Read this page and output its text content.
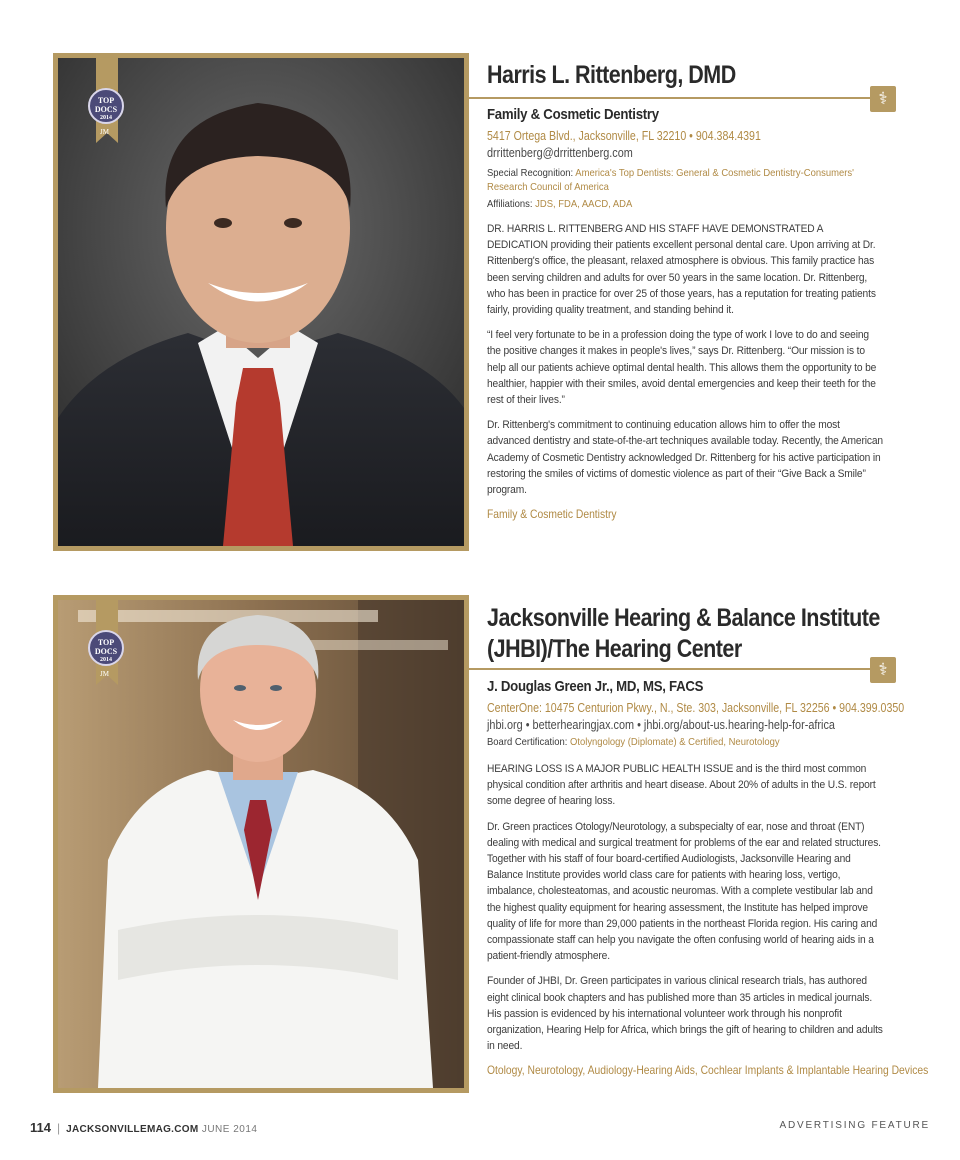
TOP
DOCS
2014
JM
Harris L. Rittenberg, DMD
⚕
Family & Cosmetic Dentistry
5417 Ortega Blvd., Jacksonville, FL 32210 • 904.384.4391
drrittenberg@drrittenberg.com
Special Recognition: America's Top Dentists: General & Cosmetic Dentistry-Consumers' Research Council of America
Affiliations: JDS, FDA, AACD, ADA

DR. HARRIS L. RITTENBERG AND HIS STAFF HAVE DEMONSTRATED A DEDICATION providing their patients excellent personal dental care. Upon arriving at Dr. Rittenberg's office, the pleasant, relaxed atmosphere is obvious. This family practice has been serving children and adults for over 50 years in the same location. Dr. Rittenberg, who has been in practice for over 25 of those years, has a reputation for treating patients fairly, providing quality treatment, and standing behind it.

“I feel very fortunate to be in a profession doing the type of work I love to do and seeing the positive changes it makes in people's lives,” says Dr. Rittenberg. “Our mission is to help all our patients achieve optimal dental health. This allows them the opportunity to be healthier, happier with their smiles, avoid dental emergencies and keep their teeth for the rest of their lives.”

Dr. Rittenberg's commitment to continuing education allows him to offer the most advanced dentistry and state-of-the-art techniques available today. Recently, the American Academy of Cosmetic Dentistry acknowledged Dr. Rittenberg for his active participation in restoring the smiles of victims of domestic violence as part of their “Give Back a Smile” program.

Family & Cosmetic Dentistry
TOP
DOCS
2014
JM
Jacksonville Hearing & Balance Institute
(JHBI)/The Hearing Center
⚕
J. Douglas Green Jr., MD, MS, FACS
CenterOne: 10475 Centurion Pkwy., N., Ste. 303, Jacksonville, FL 32256 • 904.399.0350
jhbi.org • betterhearingjax.com • jhbi.org/about-us.hearing-help-for-africa
Board Certification: Otolyngology (Diplomate) & Certified, Neurotology

HEARING LOSS IS A MAJOR PUBLIC HEALTH ISSUE and is the third most common physical condition after arthritis and heart disease. About 20% of adults in the U.S. report some degree of hearing loss.

Dr. Green practices Otology/Neurotology, a subspecialty of ear, nose and throat (ENT) dealing with medical and surgical treatment for problems of the ear and related structures. Together with his staff of four board-certified Audiologists, Jacksonville Hearing and Balance Institute provides world class care for patients with hearing loss, vertigo, imbalance, cholesteatomas, and acoustic neuromas. With a complete vestibular lab and the highest quality equipment for hearing assessment, the Institute has helped improve quality of life for more than 29,000 patients in the northeast Florida region. His caring and compassionate staff can help you navigate the often confusing world of hearing aids in a patient-friendly atmosphere.

Founder of JHBI, Dr. Green participates in various clinical research trials, has authored eight clinical book chapters and has published more than 35 articles in medical journals. His passion is evidenced by his international volunteer work through his nonprofit organization, Hearing Help for Africa, which brings the gift of hearing to children and adults in need.

Otology, Neurotology, Audiology-Hearing Aids, Cochlear Implants & Implantable Hearing Devices
114 | JACKSONVILLEMAG.COM JUNE 2014	ADVERTISING FEATURE
